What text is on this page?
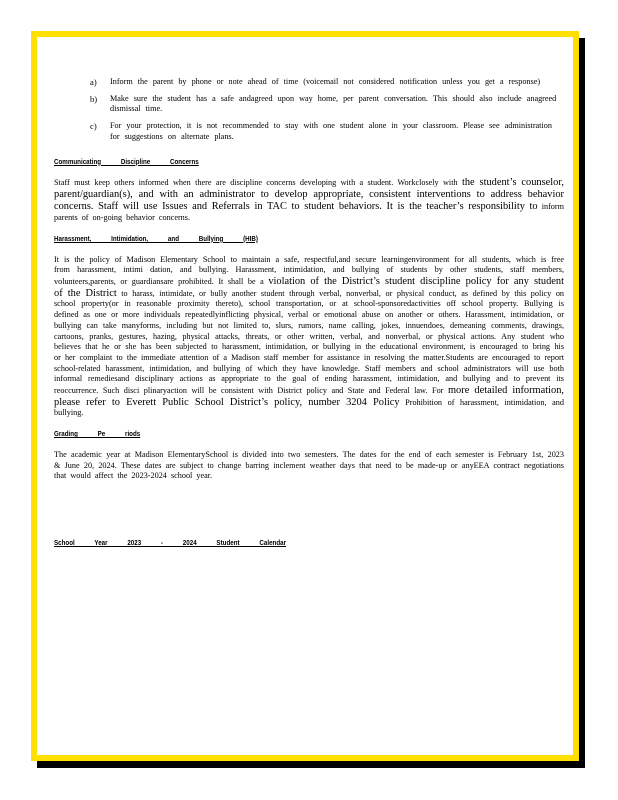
a)	Inform the parent by phone or note ahead of time (voicemail not considered notification unless you get a response)
b)	Make sure the student has a safe andagreed upon way home, per parent conversation. This should also include anagreed dismissal time.
c)	For your protection, it is not recommended to stay with one student alone in your classroom. Please see administration for suggestions on alternate plans.
Communicating Discipline Concerns

Staff must keep others informed when there are discipline concerns developing with a student. Workclosely with the student’s counselor, parent/guardian(s), and with an administrator to develop appropriate, consistent interventions to address behavior concerns. Staff will use Issues and Referrals in TAC to student behaviors. It is the teacher’s responsibility to inform parents of on-going behavior concerns.

Harassment, Intimidation, and Bullying (HIB)

It is the policy of Madison Elementary School to maintain a safe, respectful,and secure learningenvironment for all students, which is free from harassment, intimi dation, and bullying. Harassment, intimidation, and bullying of students by other students, staff members, volunteers,parents, or guardiansare prohibited. It shall be a violation of the District’s student discipline policy for any student of the District to harass, intimidate, or bully another student through verbal, nonverbal, or physical conduct, as defined by this policy on school property(or in reasonable proximity thereto), school transportation, or at school-sponsoredactivities off school property. Bullying is defined as one or more individuals repeatedlyinflicting physical, verbal or emotional abuse on another or others. Harassment, intimidation, or bullying can take manyforms, including but not limited to, slurs, rumors, name calling, jokes, innuendoes, demeaning comments, drawings, cartoons, pranks, gestures, hazing, physical attacks, threats, or other written, verbal, and nonverbal, or physical actions. Any student who believes that he or she has been subjected to harassment, intimidation, or bullying in the educational environment, is encouraged to bring his or her complaint to the immediate attention of a Madison staff member for assistance in resolving the matter.Students are encouraged to report school-related harassment, intimidation, and bullying of which they have knowledge. Staff members and school administrators will use both informal remediesand disciplinary actions as appropriate to the goal of ending harassment, intimidation, and bullying and to prevent its reoccurrence. Such disci plinaryaction will be consistent with District policy and State and Federal law. For more detailed information, please refer to Everett Public School District’s policy, number 3204 Policy Prohibition of harassment, intimidation, and bullying.

Grading Pe riods

The academic year at Madison ElementarySchool is divided into two semesters. The dates for the end of each semester is February 1st, 2023 & June 20, 2024. These dates are subject to change barring inclement weather days that need to be made-up or anyEEA contract negotiations that would affect the 2023-2024 school year.

School Year 2023 - 2024 Student Calendar
